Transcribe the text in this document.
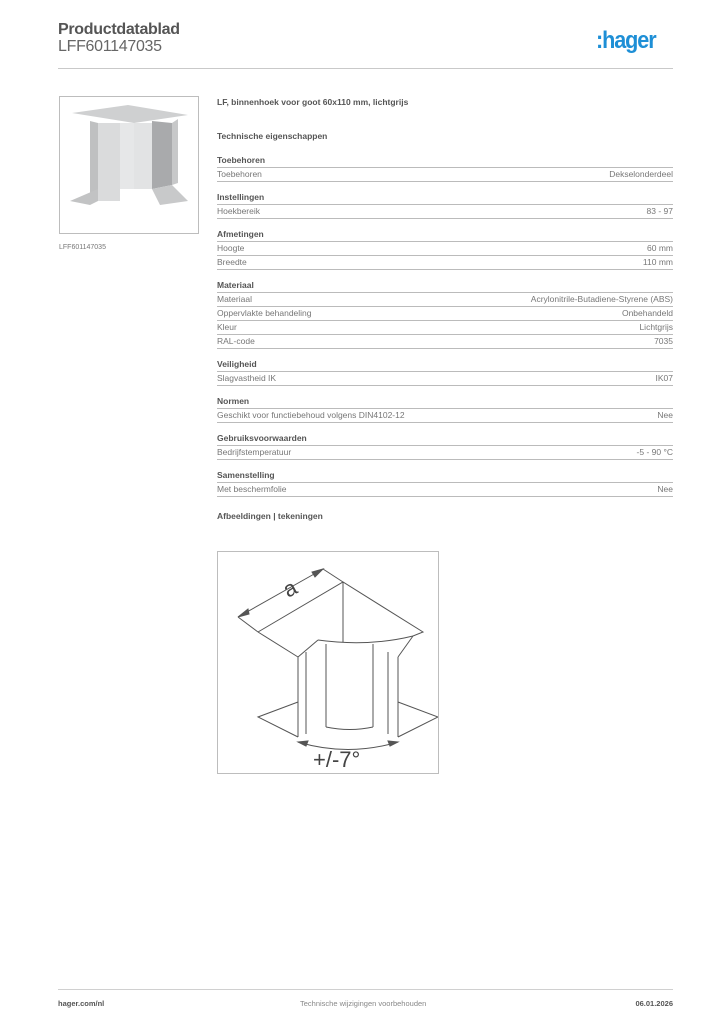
Productdatablad
LFF601147035	:hager
LFF601147035
LF, binnenhoek voor goot 60x110 mm, lichtgrijs
Technische eigenschappen
Toebehoren
Toebehoren	Dekselonderdeel
Instellingen
Hoekbereik	83 - 97
Afmetingen
Hoogte	60 mm
Breedte	110 mm
Materiaal
Materiaal	Acrylonitrile-Butadiene-Styrene (ABS)
Oppervlakte behandeling	Onbehandeld
Kleur	Lichtgrijs
RAL-code	7035
Veiligheid
Slagvastheid IK	IK07
Normen
Geschikt voor functiebehoud volgens DIN4102-12	Nee
Gebruiksvoorwaarden
Bedrijfstemperatuur	-5 - 90 °C
Samenstelling
Met beschermfolie	Nee
Afbeeldingen | tekeningen
a
+/-7°
hager.com/nl	Technische wijzigingen voorbehouden	06.01.2026
